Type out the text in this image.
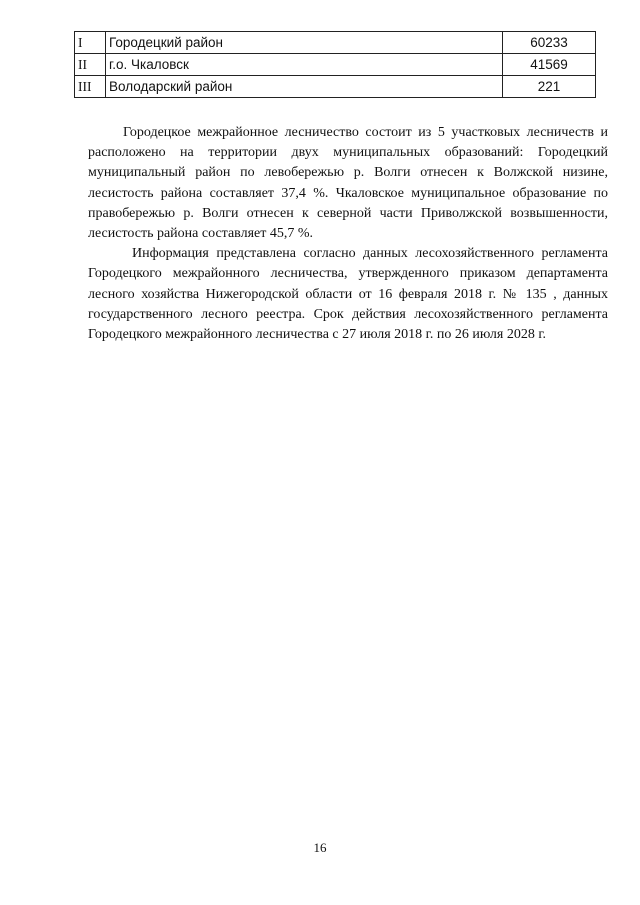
I	Городецкий район	60233
II	г.о. Чкаловск	41569
III	Володарский район	221

Городецкое межрайонное лесничество состоит из 5 участковых лесничеств и расположено на территории двух муниципальных образований: Городецкий муниципальный район по левобережью р. Волги отнесен к Волжской низине, лесистость района составляет 37,4 %. Чкаловское муниципальное образование по правобережью р. Волги отнесен к северной части Приволжской возвышенности, лесистость района составляет 45,7 %.

Информация представлена согласно данных лесохозяйственного регламента Городецкого межрайонного лесничества, утвержденного приказом департамента лесного хозяйства Нижегородской области от 16 февраля 2018 г. № 135 , данных государственного лесного реестра. Срок действия лесохозяйственного регламента Городецкого межрайонного лесничества с 27 июля 2018 г. по 26 июля 2028 г.

16
